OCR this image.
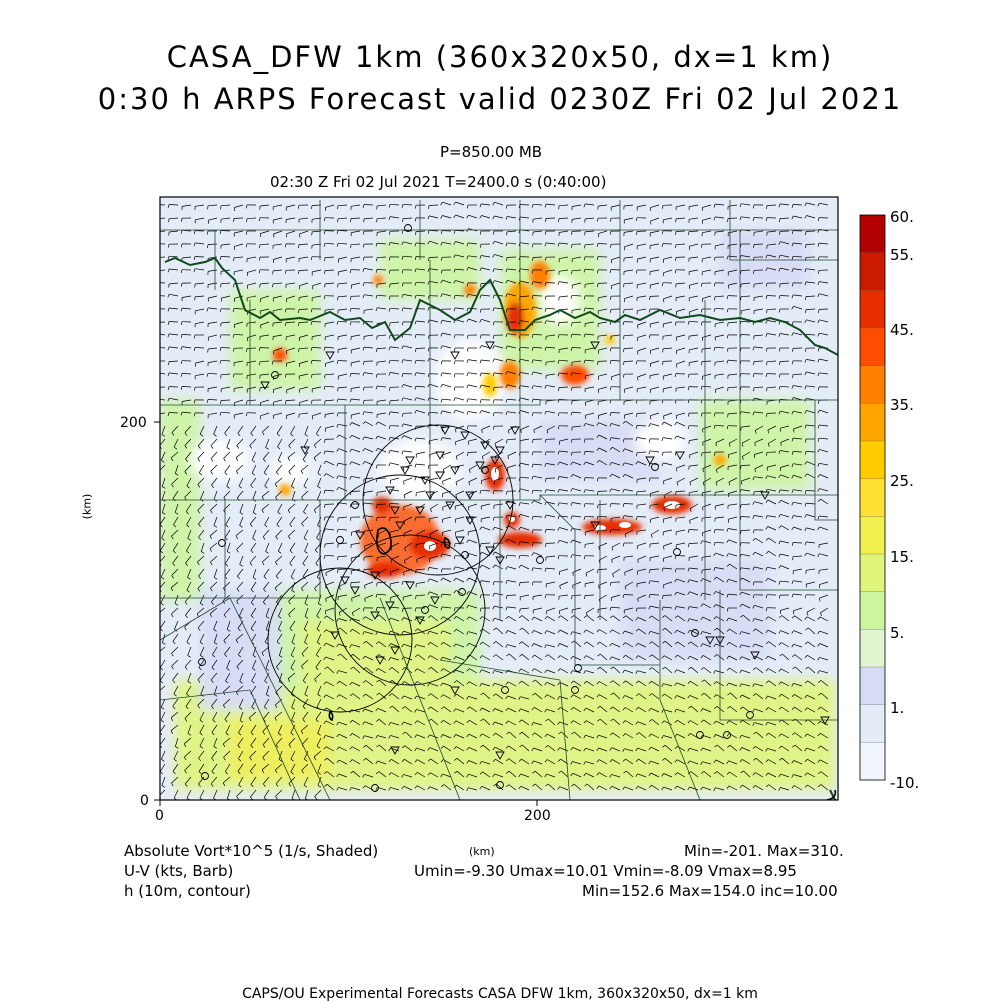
CASA_DFW 1km (360x320x50, dx=1 km)
0:30 h ARPS Forecast valid 0230Z Fri 02 Jul 2021
P=850.00 MB
02:30 Z Fri 02 Jul 2021 T=2400.0 s (0:40:00)
0
200
0	200
(km)
(km)
60.
55.
45.
35.
25.
15.
5.
1.
-10.
Absolute Vort*10^5 (1/s, Shaded)	Min=-201. Max=310.
U-V (kts, Barb)	Umin=-9.30 Umax=10.01 Vmin=-8.09 Vmax=8.95
h (10m, contour)	Min=152.6 Max=154.0 inc=10.00
CAPS/OU Experimental Forecasts CASA DFW 1km, 360x320x50, dx=1 km
